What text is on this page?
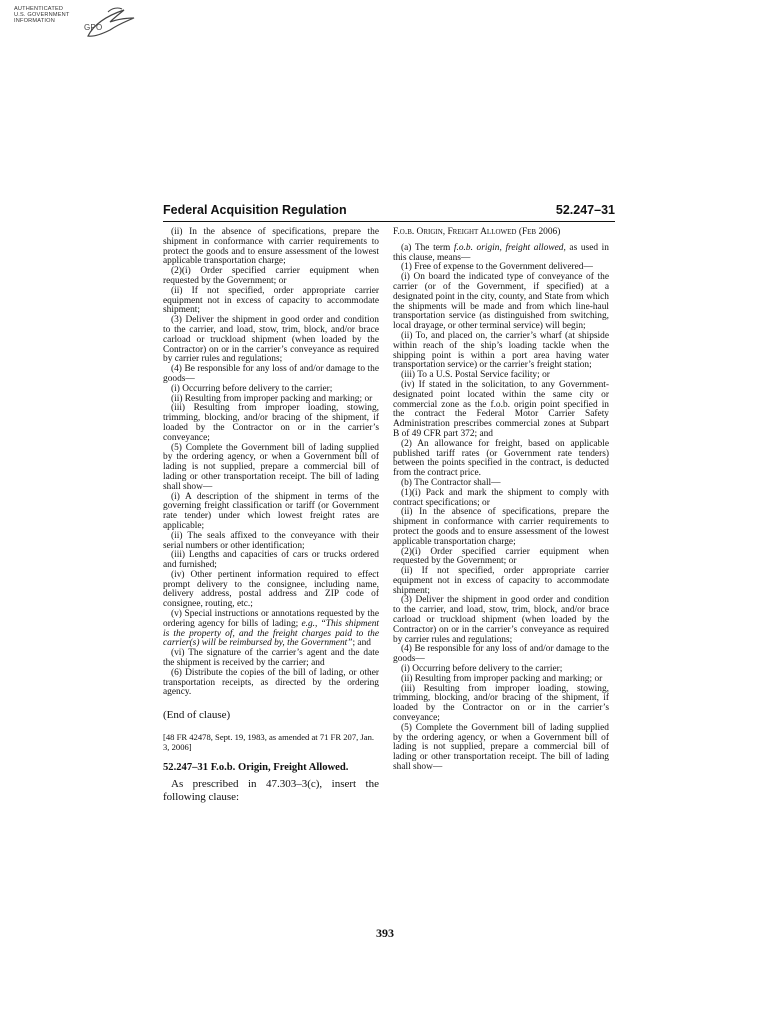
AUTHENTICATED
U.S. GOVERNMENT
INFORMATION
GPO
Federal Acquisition Regulation	52.247–31

(ii) In the absence of specifications, prepare the shipment in conformance with carrier requirements to protect the goods and to ensure assessment of the lowest applicable transportation charge;

(2)(i) Order specified carrier equipment when requested by the Government; or

(ii) If not specified, order appropriate carrier equipment not in excess of capacity to accommodate shipment;

(3) Deliver the shipment in good order and condition to the carrier, and load, stow, trim, block, and/or brace carload or truckload shipment (when loaded by the Contractor) on or in the carrier’s conveyance as required by carrier rules and regulations;

(4) Be responsible for any loss of and/or damage to the goods—

(i) Occurring before delivery to the carrier;

(ii) Resulting from improper packing and marking; or

(iii) Resulting from improper loading, stowing, trimming, blocking, and/or bracing of the shipment, if loaded by the Contractor on or in the carrier’s conveyance;

(5) Complete the Government bill of lading supplied by the ordering agency, or when a Government bill of lading is not supplied, prepare a commercial bill of lading or other transportation receipt. The bill of lading shall show—

(i) A description of the shipment in terms of the governing freight classification or tariff (or Government rate tender) under which lowest freight rates are applicable;

(ii) The seals affixed to the conveyance with their serial numbers or other identification;

(iii) Lengths and capacities of cars or trucks ordered and furnished;

(iv) Other pertinent information required to effect prompt delivery to the consignee, including name, delivery address, postal address and ZIP code of consignee, routing, etc.;

(v) Special instructions or annotations requested by the ordering agency for bills of lading; e.g., “This shipment is the property of, and the freight charges paid to the carrier(s) will be reimbursed by, the Government”; and

(vi) The signature of the carrier’s agent and the date the shipment is received by the carrier; and

(6) Distribute the copies of the bill of lading, or other transportation receipts, as directed by the ordering agency.

(End of clause)

[48 FR 42478, Sept. 19, 1983, as amended at 71 FR 207, Jan. 3, 2006]

52.247–31 F.o.b. Origin, Freight Allowed.

As prescribed in 47.303–3(c), insert the following clause:

F.o.b. Origin, Freight Allowed (Feb 2006)

(a) The term f.o.b. origin, freight allowed, as used in this clause, means—

(1) Free of expense to the Government delivered—

(i) On board the indicated type of conveyance of the carrier (or of the Government, if specified) at a designated point in the city, county, and State from which the shipments will be made and from which line-haul transportation service (as distinguished from switching, local drayage, or other terminal service) will begin;

(ii) To, and placed on, the carrier’s wharf (at shipside within reach of the ship’s loading tackle when the shipping point is within a port area having water transportation service) or the carrier’s freight station;

(iii) To a U.S. Postal Service facility; or

(iv) If stated in the solicitation, to any Government-designated point located within the same city or commercial zone as the f.o.b. origin point specified in the contract the Federal Motor Carrier Safety Administration prescribes commercial zones at Subpart B of 49 CFR part 372; and

(2) An allowance for freight, based on applicable published tariff rates (or Government rate tenders) between the points specified in the contract, is deducted from the contract price.

(b) The Contractor shall—

(1)(i) Pack and mark the shipment to comply with contract specifications; or

(ii) In the absence of specifications, prepare the shipment in conformance with carrier requirements to protect the goods and to ensure assessment of the lowest applicable transportation charge;

(2)(i) Order specified carrier equipment when requested by the Government; or

(ii) If not specified, order appropriate carrier equipment not in excess of capacity to accommodate shipment;

(3) Deliver the shipment in good order and condition to the carrier, and load, stow, trim, block, and/or brace carload or truckload shipment (when loaded by the Contractor) on or in the carrier’s conveyance as required by carrier rules and regulations;

(4) Be responsible for any loss of and/or damage to the goods—

(i) Occurring before delivery to the carrier;

(ii) Resulting from improper packing and marking; or

(iii) Resulting from improper loading, stowing, trimming, blocking, and/or bracing of the shipment, if loaded by the Contractor on or in the carrier’s conveyance;

(5) Complete the Government bill of lading supplied by the ordering agency, or when a Government bill of lading is not supplied, prepare a commercial bill of lading or other transportation receipt. The bill of lading shall show—

393
